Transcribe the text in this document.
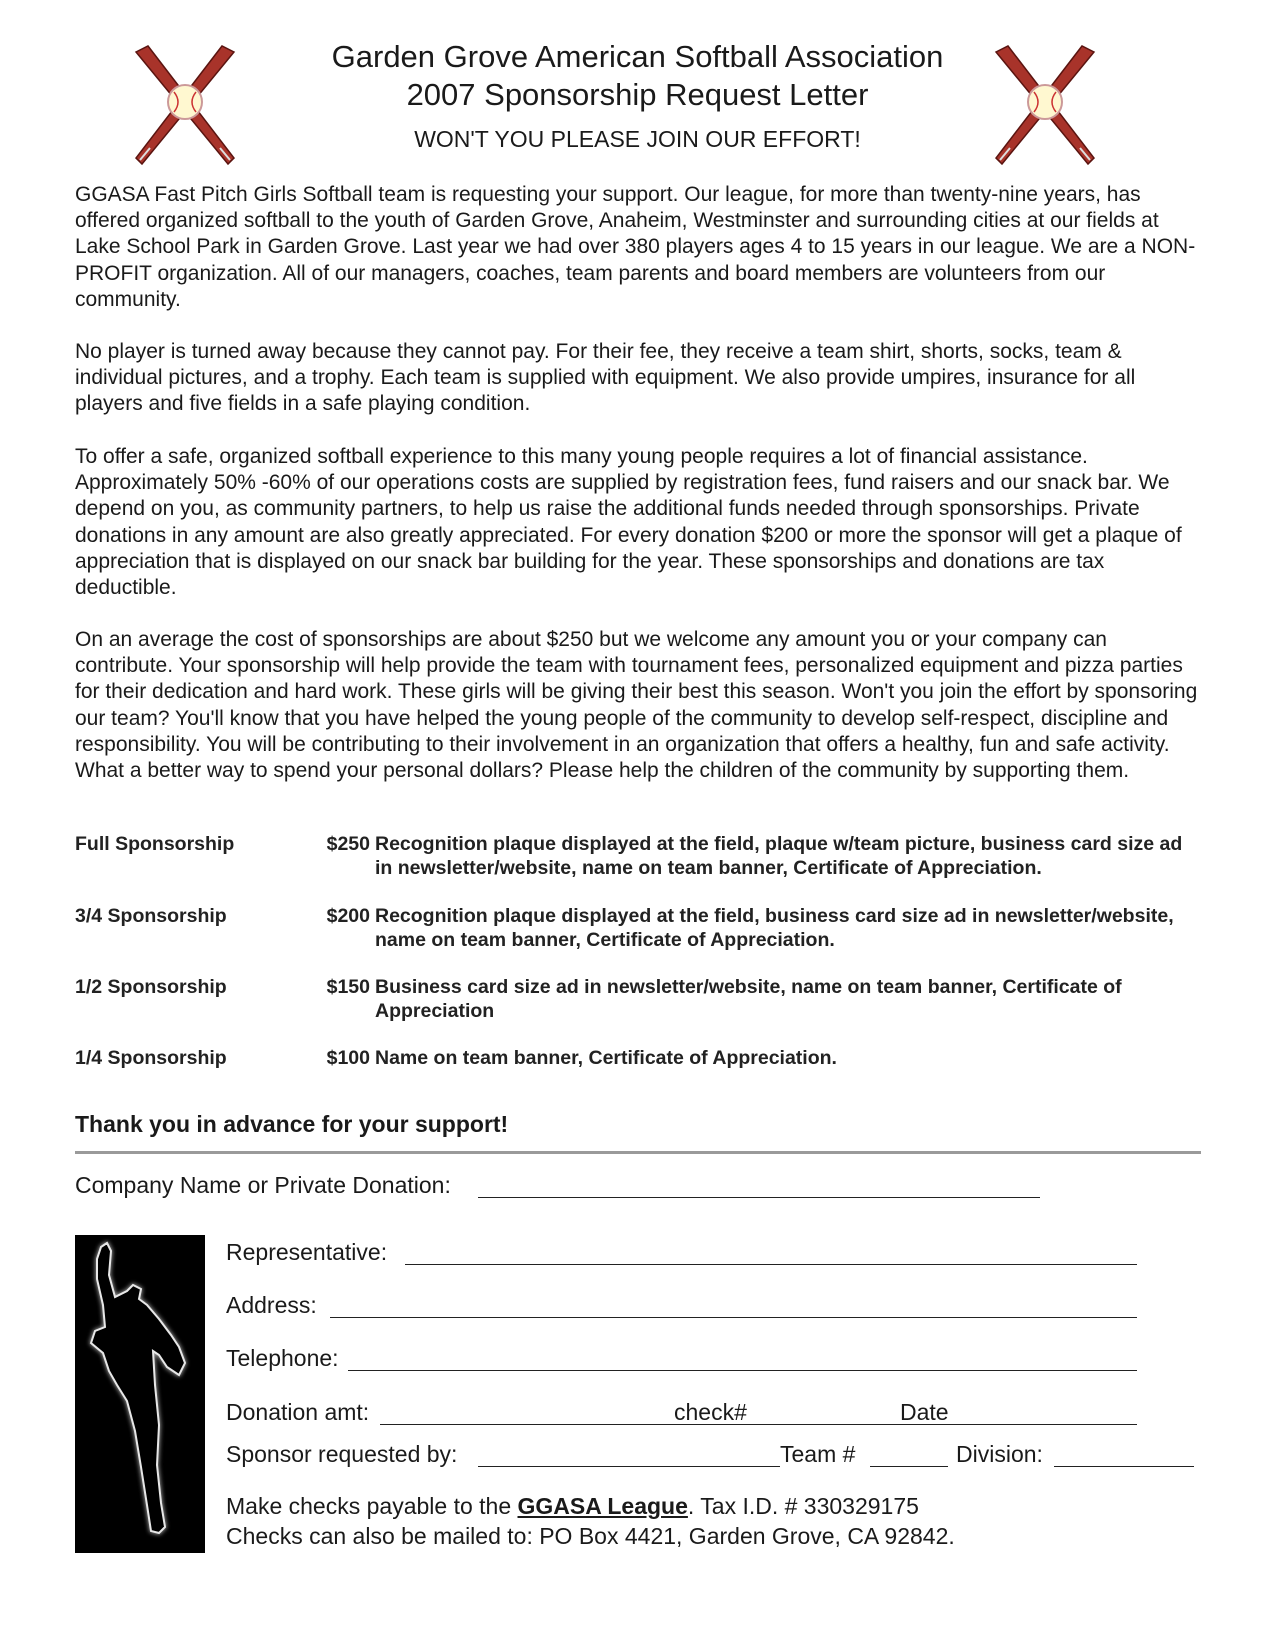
Garden Grove American Softball Association
2007 Sponsorship Request Letter
WON'T YOU PLEASE JOIN OUR EFFORT!
GGASA Fast Pitch Girls Softball team is requesting your support. Our league, for more than twenty-nine years, has offered organized softball to the youth of Garden Grove, Anaheim, Westminster and surrounding cities at our fields at Lake School Park in Garden Grove. Last year we had over 380 players ages 4 to 15 years in our league. We are a NON-PROFIT organization. All of our managers, coaches, team parents and board members are volunteers from our community.
No player is turned away because they cannot pay. For their fee, they receive a team shirt, shorts, socks, team & individual pictures, and a trophy. Each team is supplied with equipment. We also provide umpires, insurance for all players and five fields in a safe playing condition.
To offer a safe, organized softball experience to this many young people requires a lot of financial assistance. Approximately 50% -60% of our operations costs are supplied by registration fees, fund raisers and our snack bar. We depend on you, as community partners, to help us raise the additional funds needed through sponsorships. Private donations in any amount are also greatly appreciated. For every donation $200 or more the sponsor will get a plaque of appreciation that is displayed on our snack bar building for the year. These sponsorships and donations are tax deductible.
On an average the cost of sponsorships are about $250 but we welcome any amount you or your company can contribute. Your sponsorship will help provide the team with tournament fees, personalized equipment and pizza parties for their dedication and hard work. These girls will be giving their best this season. Won't you join the effort by sponsoring our team? You'll know that you have helped the young people of the community to develop self-respect, discipline and responsibility. You will be contributing to their involvement in an organization that offers a healthy, fun and safe activity. What a better way to spend your personal dollars? Please help the children of the community by supporting them.
Full Sponsorship	$250 Recognition plaque displayed at the field, plaque w/team picture, business card size ad in newsletter/website, name on team banner, Certificate of Appreciation.
3/4 Sponsorship	$200 Recognition plaque displayed at the field, business card size ad in newsletter/website, name on team banner, Certificate of Appreciation.
1/2 Sponsorship	$150 Business card size ad in newsletter/website, name on team banner, Certificate of Appreciation
1/4 Sponsorship	$100 Name on team banner, Certificate of Appreciation.
Thank you in advance for your support!
Company Name or Private Donation:
Representative:
Address:
Telephone:
Donation amt:	check#	Date
Sponsor requested by:	Team #	Division:
Make checks payable to the GGASA League. Tax I.D. # 330329175
Checks can also be mailed to: PO Box 4421, Garden Grove, CA 92842.
